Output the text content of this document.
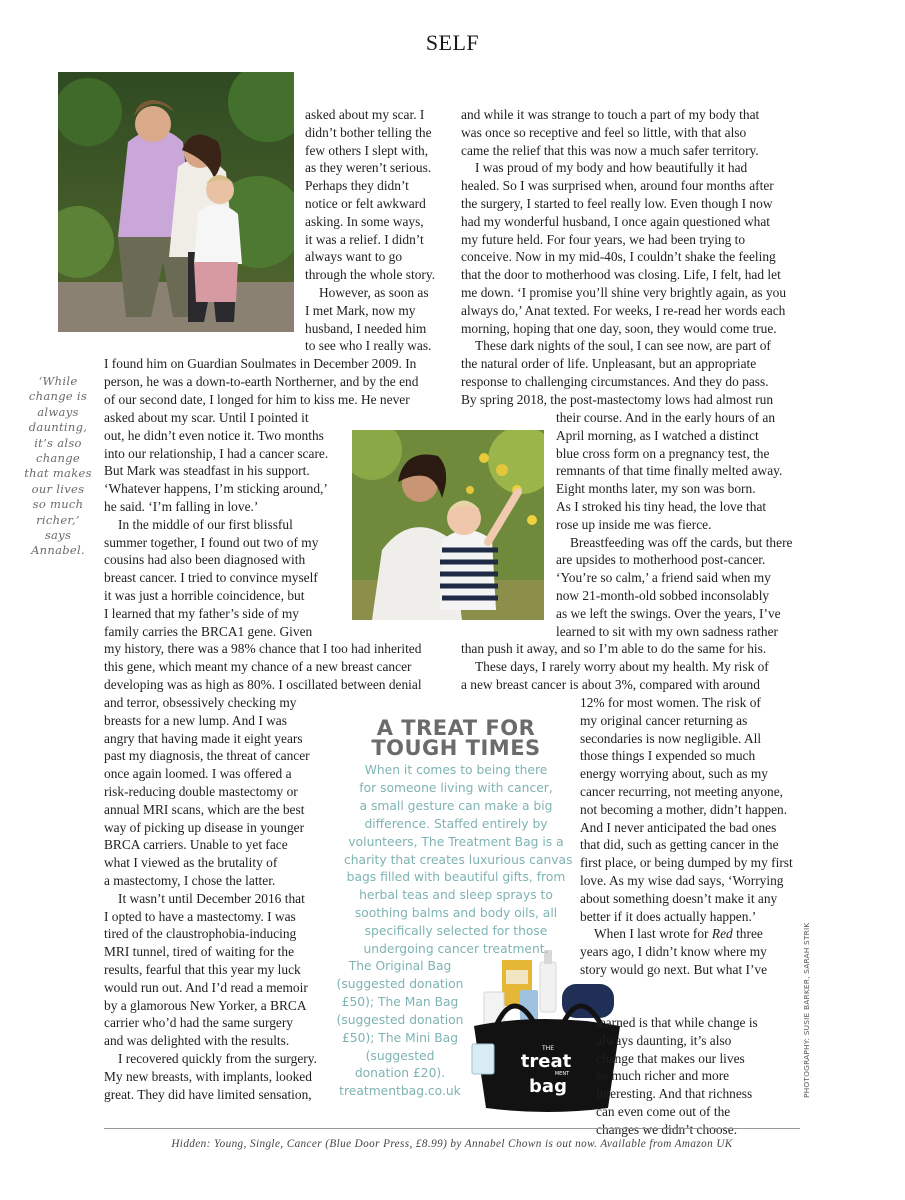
SELF
THE
treat
MENT
bag
‘While
change is
always
daunting,
it’s also
change
that makes
our lives
so much
richer,’
says
Annabel.
asked about my scar. I
didn’t bother telling the
few others I slept with,
as they weren’t serious.
Perhaps they didn’t
notice or felt awkward
asking. In some ways,
it was a relief. I didn’t
always want to go
through the whole story.
However, as soon as
I met Mark, now my
husband, I needed him
to see who I really was.
I found him on Guardian Soulmates in December 2009. In
person, he was a down-to-earth Northerner, and by the end
of our second date, I longed for him to kiss me. He never
asked about my scar. Until I pointed it
out, he didn’t even notice it. Two months
into our relationship, I had a cancer scare.
But Mark was steadfast in his support.
‘Whatever happens, I’m sticking around,’
he said. ‘I’m falling in love.’
In the middle of our first blissful
summer together, I found out two of my
cousins had also been diagnosed with
breast cancer. I tried to convince myself
it was just a horrible coincidence, but
I learned that my father’s side of my
family carries the BRCA1 gene. Given
my history, there was a 98% chance that I too had inherited
this gene, which meant my chance of a new breast cancer
developing was as high as 80%. I oscillated between denial
and terror, obsessively checking my
breasts for a new lump. And I was
angry that having made it eight years
past my diagnosis, the threat of cancer
once again loomed. I was offered a
risk-reducing double mastectomy or
annual MRI scans, which are the best
way of picking up disease in younger
BRCA carriers. Unable to yet face
what I viewed as the brutality of
a mastectomy, I chose the latter.
It wasn’t until December 2016 that
I opted to have a mastectomy. I was
tired of the claustrophobia-inducing
MRI tunnel, tired of waiting for the
results, fearful that this year my luck
would run out. And I’d read a memoir
by a glamorous New Yorker, a BRCA
carrier who’d had the same surgery
and was delighted with the results.
I recovered quickly from the surgery.
My new breasts, with implants, looked
great. They did have limited sensation,
and while it was strange to touch a part of my body that
was once so receptive and feel so little, with that also
came the relief that this was now a much safer territory.
I was proud of my body and how beautifully it had
healed. So I was surprised when, around four months after
the surgery, I started to feel really low. Even though I now
had my wonderful husband, I once again questioned what
my future held. For four years, we had been trying to
conceive. Now in my mid-40s, I couldn’t shake the feeling
that the door to motherhood was closing. Life, I felt, had let
me down. ‘I promise you’ll shine very brightly again, as you
always do,’ Anat texted. For weeks, I re-read her words each
morning, hoping that one day, soon, they would come true.
These dark nights of the soul, I can see now, are part of
the natural order of life. Unpleasant, but an appropriate
response to challenging circumstances. And they do pass.
By spring 2018, the post-mastectomy lows had almost run
their course. And in the early hours of an
April morning, as I watched a distinct
blue cross form on a pregnancy test, the
remnants of that time finally melted away.
Eight months later, my son was born.
As I stroked his tiny head, the love that
rose up inside me was fierce.
Breastfeeding was off the cards, but there
are upsides to motherhood post-cancer.
‘You’re so calm,’ a friend said when my
now 21-month-old sobbed inconsolably
as we left the swings. Over the years, I’ve
learned to sit with my own sadness rather
than push it away, and so I’m able to do the same for his.
These days, I rarely worry about my health. My risk of
a new breast cancer is about 3%, compared with around
12% for most women. The risk of
my original cancer returning as
secondaries is now negligible. All
those things I expended so much
energy worrying about, such as my
cancer recurring, not meeting anyone,
not becoming a mother, didn’t happen.
And I never anticipated the bad ones
that did, such as getting cancer in the
first place, or being dumped by my first
love. As my wise dad says, ‘Worrying
about something doesn’t make it any
better if it does actually happen.’
When I last wrote for Red three
years ago, I didn’t know where my
story would go next. But what I’ve
learned is that while change is
always daunting, it’s also
change that makes our lives
so much richer and more
interesting. And that richness
can even come out of the
changes we didn’t choose.
A TREAT FOR
TOUGH TIMES
When it comes to being there
for someone living with cancer,
a small gesture can make a big
difference. Staffed entirely by
volunteers, The Treatment Bag is a
charity that creates luxurious canvas
bags filled with beautiful gifts, from
herbal teas and sleep sprays to
soothing balms and body oils, all
specifically selected for those
undergoing cancer treatment.
The Original Bag
(suggested donation
£50); The Man Bag
(suggested donation
£50); The Mini Bag
(suggested
donation £20).
treatmentbag.co.uk	PHOTOGRAPHY: SUSIE BARKER, SARAH STRIK
Hidden: Young, Single, Cancer (Blue Door Press, £8.99) by Annabel Chown is out now. Available from Amazon UK
